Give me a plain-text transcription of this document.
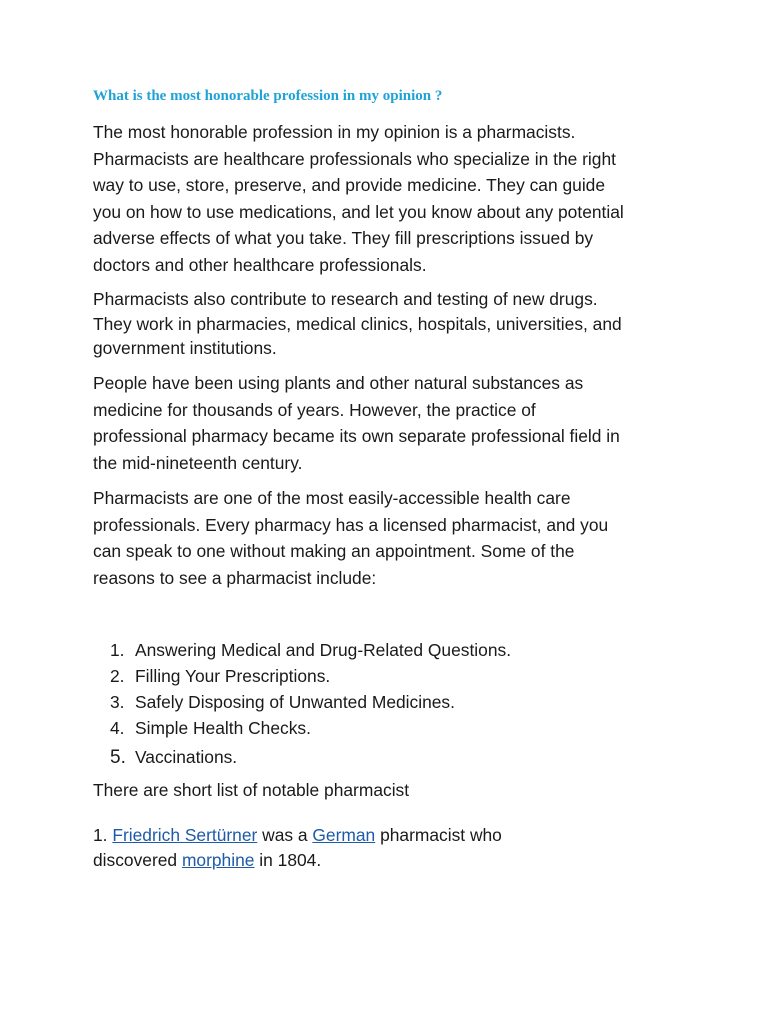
What is the most honorable profession in my opinion ?

The most honorable profession in my opinion is a pharmacists.
Pharmacists are healthcare professionals who specialize in the right
way to use, store, preserve, and provide medicine. They can guide
you on how to use medications, and let you know about any potential
adverse effects of what you take. They fill prescriptions issued by
doctors and other healthcare professionals.

Pharmacists also contribute to research and testing of new drugs.
They work in pharmacies, medical clinics, hospitals, universities, and
government institutions.

People have been using plants and other natural substances as
medicine for thousands of years. However, the practice of
professional pharmacy became its own separate professional field in
the mid-nineteenth century.

Pharmacists are one of the most easily-accessible health care
professionals. Every pharmacy has a licensed pharmacist, and you
can speak to one without making an appointment. Some of the
reasons to see a pharmacist include:

1. Answering Medical and Drug-Related Questions.
2. Filling Your Prescriptions.
3. Safely Disposing of Unwanted Medicines.
4. Simple Health Checks.
5. Vaccinations.
There are short list of notable pharmacist
1. Friedrich Sertürner was a German pharmacist who
discovered morphine in 1804.
